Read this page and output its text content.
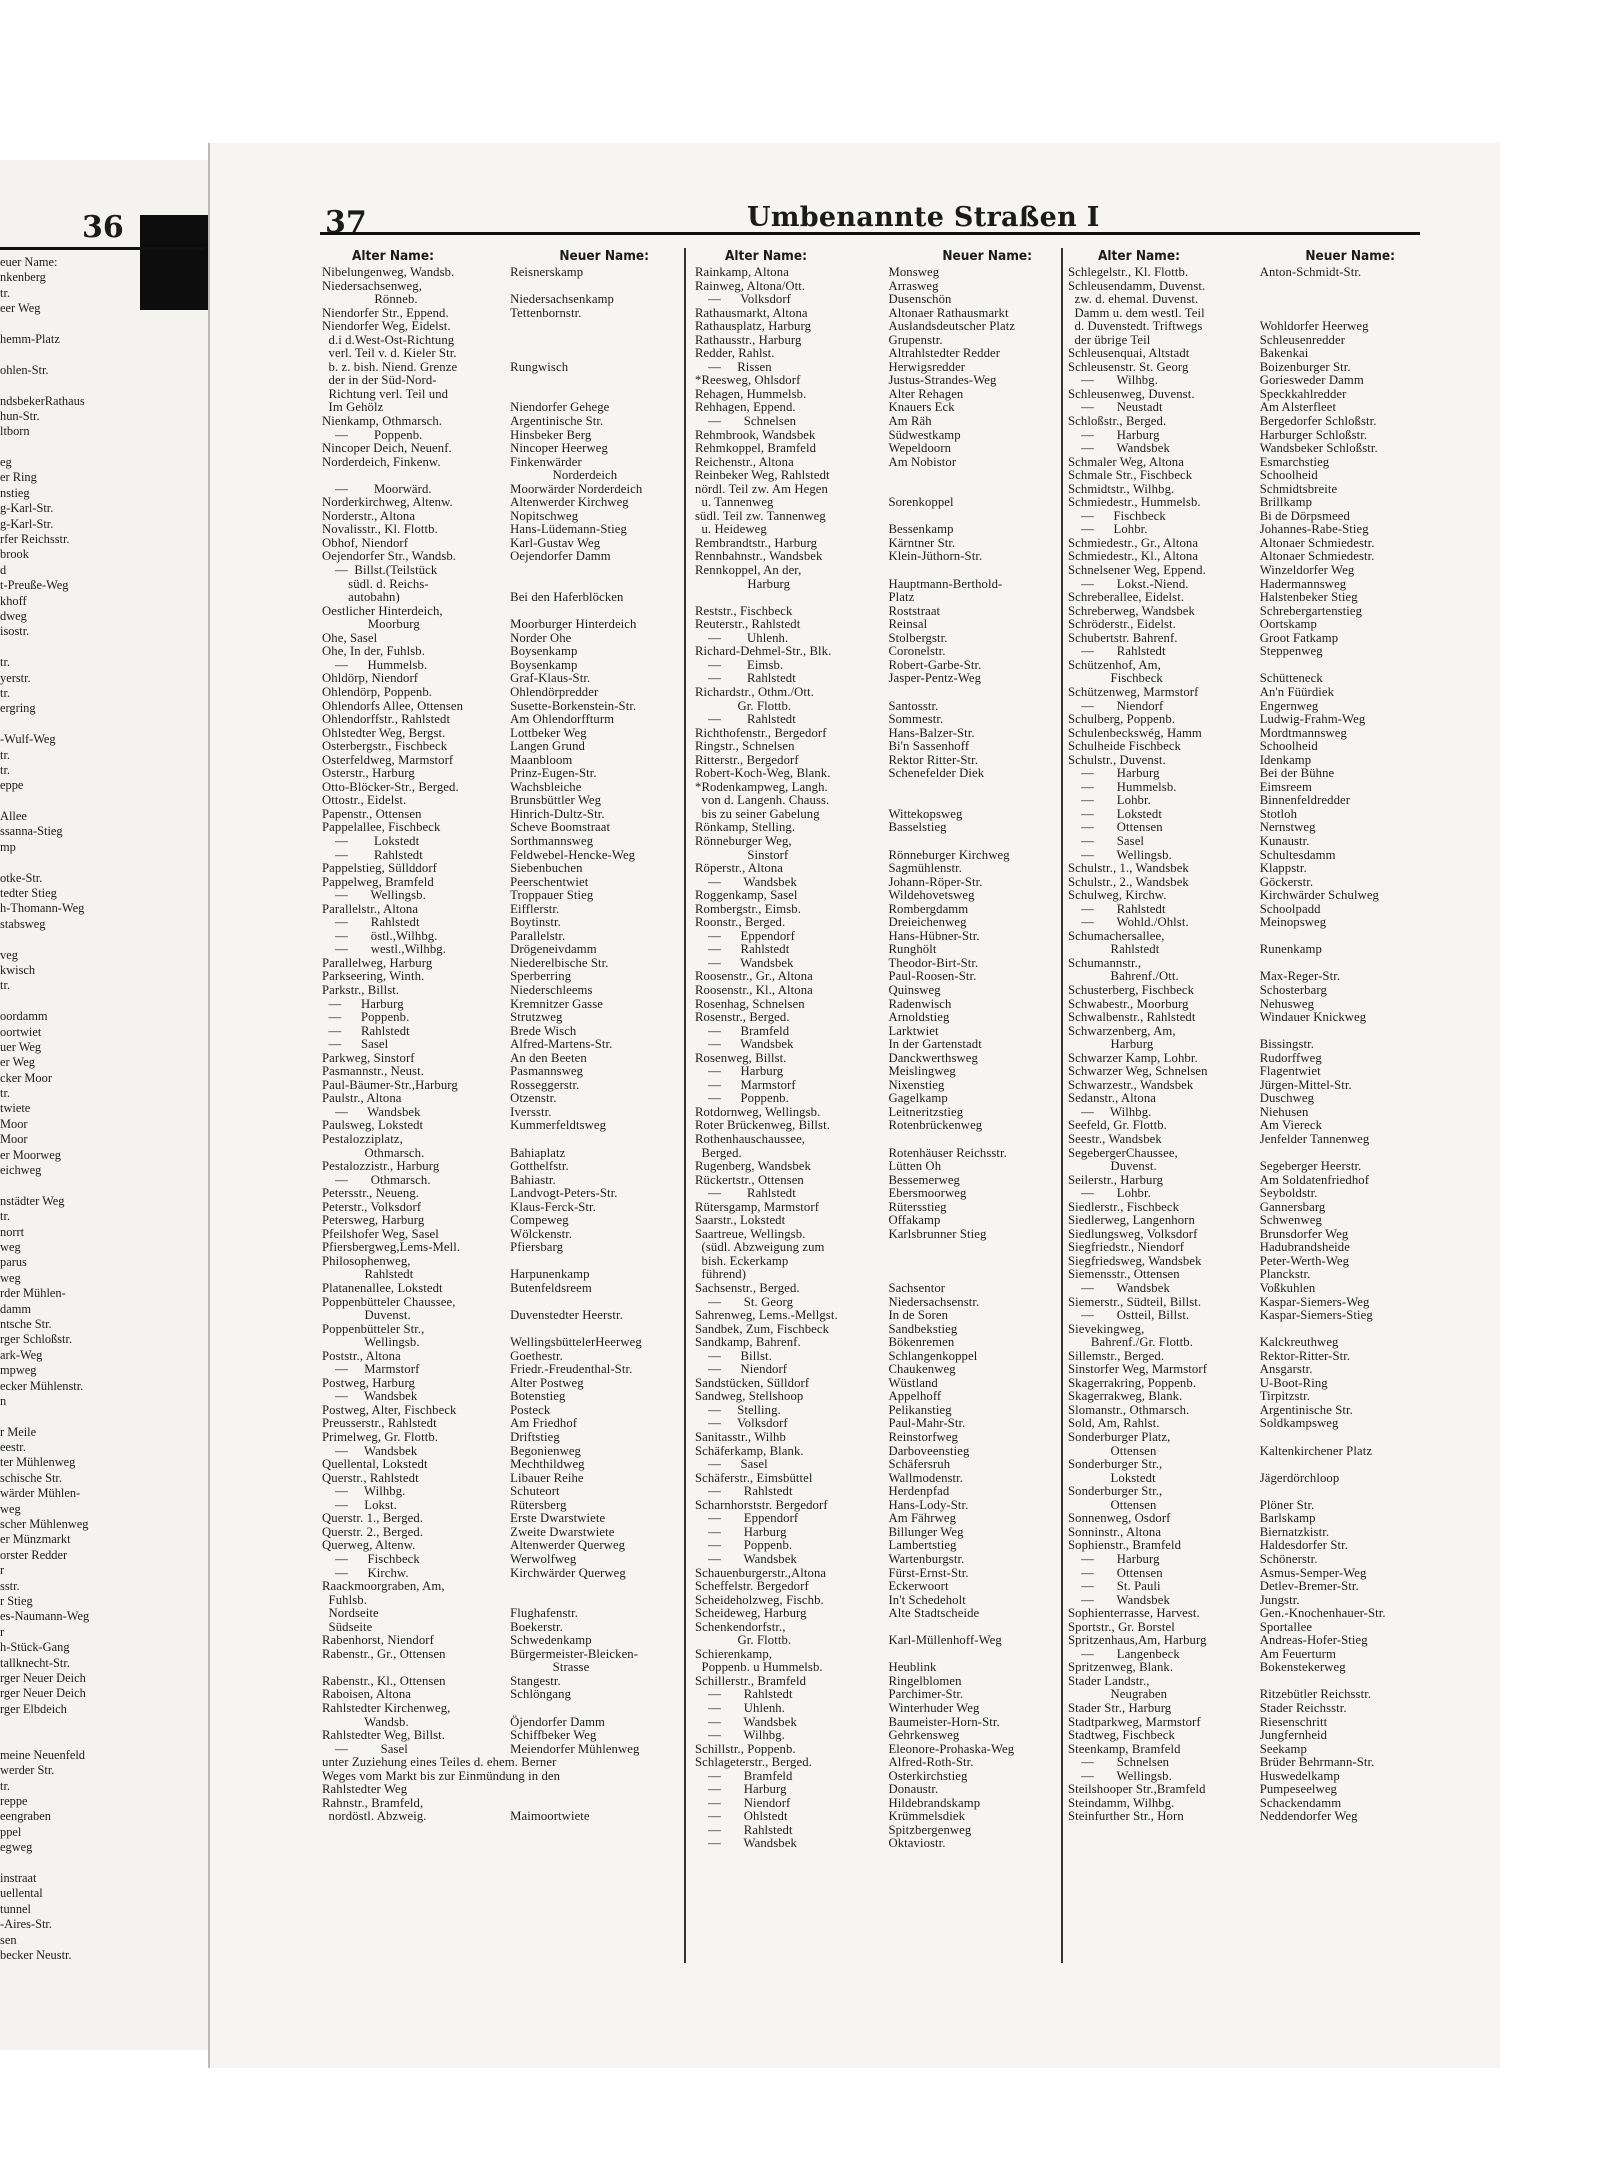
36
euer Name:
nkenberg
tr.
eer Weg
hemm-Platz
ohlen-Str.
ndsbekerRathaus
hun-Str.
ltborn
eg
er Ring
nstieg
g-Karl-Str.
g-Karl-Str.
rfer Reichsstr.
brook
d
t-Preuße-Weg
khoff
dweg
isostr.
tr.
yerstr.
tr.
ergring
-Wulf-Weg
tr.
tr.
eppe
Allee
ssanna-Stieg
mp
otke-Str.
tedter Stieg
h-Thomann-Weg
stabsweg
veg
kwisch
tr.
oordamm
oortwiet
uer Weg
er Weg
cker Moor
tr.
twiete
Moor
Moor
er Moorweg
eichweg
nstädter Weg
tr.
norrt
weg
parus
weg
rder Mühlen-
damm
ntsche Str.
rger Schloßstr.
ark-Weg
mpweg
ecker Mühlenstr.
n
r Meile
eestr.
ter Mühlenweg
schische Str.
wärder Mühlen-
weg
scher Mühlenweg
er Münzmarkt
orster Redder
r
sstr.
r Stieg
es-Naumann-Weg
r
h-Stück-Gang
tallknecht-Str.
rger Neuer Deich
rger Neuer Deich
rger Elbdeich
meine Neuenfeld
werder Str.
tr.
reppe
eengraben
ppel
egweg
instraat
uellental
tunnel
-Aires-Str.
sen
becker Neustr.
37	Umbenannte Straßen I
Alter Name:	Neuer Name:
Nibelungenweg, Wandsb.	Reisnerskamp
Niedersachsenweg,
Rönneb.	Niedersachsenkamp
Niendorfer Str., Eppend.	Tettenbornstr.
Niendorfer Weg, Eidelst.
d.i d.West-Ost-Richtung
verl. Teil v. d. Kieler Str.
b. z. bish. Niend. Grenze	Rungwisch
der in der Süd-Nord-
Richtung verl. Teil und
Im Gehölz	Niendorfer Gehege
Nienkamp, Othmarsch.	Argentinische Str.
—        Poppenb.	Hinsbeker Berg
Nincoper Deich, Neuenf.	Nincoper Heerweg
Norderdeich, Finkenw.	Finkenwärder
Norderdeich
—        Moorwärd.	Moorwärder Norderdeich
Norderkirchweg, Altenw.	Altenwerder Kirchweg
Norderstr., Altona	Nopitschweg
Novalisstr., Kl. Flottb.	Hans-Lüdemann-Stieg
Obhof, Niendorf	Karl-Gustav Weg
Oejendorfer Str., Wandsb.	Oejendorfer Damm
—  Billst.(Teilstück
südl. d. Reichs-
autobahn)	Bei den Haferblöcken
Oestlicher Hinterdeich,
Moorburg	Moorburger Hinterdeich
Ohe, Sasel	Norder Ohe
Ohe, In der, Fuhlsb.	Boysenkamp
—      Hummelsb.	Boysenkamp
Ohldörp, Niendorf	Graf-Klaus-Str.
Ohlendörp, Poppenb.	Ohlendörpredder
Ohlendorfs Allee, Ottensen	Susette-Borkenstein-Str.
Ohlendorffstr., Rahlstedt	Am Ohlendorffturm
Ohlstedter Weg, Bergst.	Lottbeker Weg
Osterbergstr., Fischbeck	Langen Grund
Osterfeldweg, Marmstorf	Maanbloom
Osterstr., Harburg	Prinz-Eugen-Str.
Otto-Blöcker-Str., Berged.	Wachsbleiche
Ottostr., Eidelst.	Brunsbüttler Weg
Papenstr., Ottensen	Hinrich-Dultz-Str.
Pappelallee, Fischbeck	Scheve Boomstraat
—        Lokstedt	Sorthmannsweg
—        Rahlstedt	Feldwebel-Hencke-Weg
Pappelstieg, Süllddorf	Siebenbuchen
Pappelweg, Bramfeld	Peerschentwiet
—       Wellingsb.	Troppauer Stieg
Parallelstr., Altona	Eifflerstr.
—       Rahlstedt	Boytinstr.
—       östl.,Wilhbg.	Parallelstr.
—       westl.,Wilhbg.	Drögeneivdamm
Parallelweg, Harburg	Niederelbische Str.
Parkseering, Winth.	Sperberring
Parkstr., Billst.	Niederschleems
—      Harburg	Kremnitzer Gasse
—      Poppenb.	Strutzweg
—      Rahlstedt	Brede Wisch
—      Sasel	Alfred-Martens-Str.
Parkweg, Sinstorf	An den Beeten
Pasmannstr., Neust.	Pasmannsweg
Paul-Bäumer-Str.,Harburg	Rosseggerstr.
Paulstr., Altona	Otzenstr.
—      Wandsbek	Iversstr.
Paulsweg, Lokstedt	Kummerfeldtsweg
Pestalozziplatz,
Othmarsch.	Bahiaplatz
Pestalozzistr., Harburg	Gotthelfstr.
—       Othmarsch.	Bahiastr.
Petersstr., Neueng.	Landvogt-Peters-Str.
Peterstr., Volksdorf	Klaus-Ferck-Str.
Petersweg, Harburg	Compeweg
Pfeilshofer Weg, Sasel	Wölckenstr.
Pfiersbergweg,Lems-Mell.	Pfiersbarg
Philosophenweg,
Rahlstedt	Harpunenkamp
Platanenallee, Lokstedt	Butenfeldsreem
Poppenbütteler Chaussee,
Duvenst.	Duvenstedter Heerstr.
Poppenbütteler Str.,
Wellingsb.	WellingsbüttelerHeerweg
Poststr., Altona	Goethestr.
—     Marmstorf	Friedr.-Freudenthal-Str.
Postweg, Harburg	Alter Postweg
—     Wandsbek	Botenstieg
Postweg, Alter, Fischbeck	Posteck
Preusserstr., Rahlstedt	Am Friedhof
Primelweg, Gr. Flottb.	Driftstieg
—     Wandsbek	Begonienweg
Quellental, Lokstedt	Mechthildweg
Querstr., Rahlstedt	Libauer Reihe
—     Wilhbg.	Schuteort
—     Lokst.	Rütersberg
Querstr. 1., Berged.	Erste Dwarstwiete
Querstr. 2., Berged.	Zweite Dwarstwiete
Querweg, Altenw.	Altenwerder Querweg
—      Fischbeck	Werwolfweg
—      Kirchw.	Kirchwärder Querweg
Raackmoorgraben, Am,
Fuhlsb.
Nordseite	Flughafenstr.
Südseite	Boekerstr.
Rabenhorst, Niendorf	Schwedenkamp
Rabenstr., Gr., Ottensen	Bürgermeister-Bleicken-
Strasse
Rabenstr., Kl., Ottensen	Stangestr.
Raboisen, Altona	Schlöngang
Rahlstedter Kirchenweg,
Wandsb.	Öjendorfer Damm
Rahlstedter Weg, Billst.	Schiffbeker Weg
—          Sasel	Meiendorfer Mühlenweg
unter Zuziehung eines Teiles d. ehem. Berner
Weges vom Markt bis zur Einmündung in den
Rahlstedter Weg
Rahnstr., Bramfeld,
nordöstl. Abzweig.	Maimoortwiete
Alter Name:	Neuer Name:
Rainkamp, Altona	Monsweg
Rainweg, Altona/Ott.	Arrasweg
—      Volksdorf	Dusenschön
Rathausmarkt, Altona	Altonaer Rathausmarkt
Rathausplatz, Harburg	Auslandsdeutscher Platz
Rathausstr., Harburg	Grupenstr.
Redder, Rahlst.	Altrahlstedter Redder
—     Rissen	Herwigsredder
*Reesweg, Ohlsdorf	Justus-Strandes-Weg
Rehagen, Hummelsb.	Alter Rehagen
Rehhagen, Eppend.	Knauers Eck
—       Schnelsen	Am Räh
Rehmbrook, Wandsbek	Südwestkamp
Rehmkoppel, Bramfeld	Wepeldoorn
Reichenstr., Altona	Am Nobistor
Reinbeker Weg, Rahlstedt
nördl. Teil zw. Am Hegen
u. Tannenweg	Sorenkoppel
südl. Teil zw. Tannenweg
u. Heideweg	Bessenkamp
Rembrandtstr., Harburg	Kärntner Str.
Rennbahnstr., Wandsbek	Klein-Jüthorn-Str.
Rennkoppel, An der,
Harburg	Hauptmann-Berthold-
Platz
Reststr., Fischbeck	Roststraat
Reuterstr., Rahlstedt	Reinsal
—        Uhlenh.	Stolbergstr.
Richard-Dehmel-Str., Blk.	Coronelstr.
—        Eimsb.	Robert-Garbe-Str.
—        Rahlstedt	Jasper-Pentz-Weg
Richardstr., Othm./Ott.
Gr. Flottb.	Santosstr.
—        Rahlstedt	Sommestr.
Richthofenstr., Bergedorf	Hans-Balzer-Str.
Ringstr., Schnelsen	Bi'n Sassenhoff
Ritterstr., Bergedorf	Rektor Ritter-Str.
Robert-Koch-Weg, Blank.	Schenefelder Diek
*Rodenkampweg, Langh.
von d. Langenh. Chauss.
bis zu seiner Gabelung	Wittekopsweg
Rönkamp, Stelling.	Basselstieg
Rönneburger Weg,
Sinstorf	Rönneburger Kirchweg
Röperstr., Altona	Sagmühlenstr.
—       Wandsbek	Johann-Röper-Str.
Roggenkamp, Sasel	Wildehovetsweg
Rombergstr., Eimsb.	Rombergdamm
Roonstr., Berged.	Dreieichenweg
—      Eppendorf	Hans-Hübner-Str.
—      Rahlstedt	Runghölt
—      Wandsbek	Theodor-Birt-Str.
Roosenstr., Gr., Altona	Paul-Roosen-Str.
Roosenstr., Kl., Altona	Quinsweg
Rosenhag, Schnelsen	Radenwisch
Rosenstr., Berged.	Arnoldstieg
—      Bramfeld	Larktwiet
—      Wandsbek	In der Gartenstadt
Rosenweg, Billst.	Danckwerthsweg
—      Harburg	Meislingweg
—      Marmstorf	Nixenstieg
—      Poppenb.	Gagelkamp
Rotdornweg, Wellingsb.	Leitneritzstieg
Roter Brückenweg, Billst.	Rotenbrückenweg
Rothenhauschaussee,
Berged.	Rotenhäuser Reichsstr.
Rugenberg, Wandsbek	Lütten Oh
Rückertstr., Ottensen	Bessemerweg
—        Rahlstedt	Ebersmoorweg
Rütersgamp, Marmstorf	Rütersstieg
Saarstr., Lokstedt	Offakamp
Saartreue, Wellingsb.	Karlsbrunner Stieg
(südl. Abzweigung zum
bish. Eckerkamp
führend)
Sachsenstr., Berged.	Sachsentor
—       St. Georg	Niedersachsenstr.
Sahrenweg, Lems.-Mellgst.	In de Soren
Sandbek, Zum, Fischbeck	Sandbekstieg
Sandkamp, Bahrenf.	Bökenremen
—      Billst.	Schlangenkoppel
—      Niendorf	Chaukenweg
Sandstücken, Sülldorf	Wüstland
Sandweg, Stellshoop	Appelhoff
—     Stelling.	Pelikanstieg
—     Volksdorf	Paul-Mahr-Str.
Sanitasstr., Wilhb	Reinstorfweg
Schäferkamp, Blank.	Darboveenstieg
—      Sasel	Schäfersruh
Schäferstr., Eimsbüttel	Wallmodenstr.
—       Rahlstedt	Herdenpfad
Scharnhorststr. Bergedorf	Hans-Lody-Str.
—       Eppendorf	Am Fährweg
—       Harburg	Billunger Weg
—       Poppenb.	Lambertstieg
—       Wandsbek	Wartenburgstr.
Schauenburgerstr.,Altona	Fürst-Ernst-Str.
Scheffelstr. Bergedorf	Eckerwoort
Scheideholzweg, Fischb.	In't Schedeholt
Scheideweg, Harburg	Alte Stadtscheide
Schenkendorfstr.,
Gr. Flottb.	Karl-Müllenhoff-Weg
Schierenkamp,
Poppenb. u Hummelsb.	Heublink
Schillerstr., Bramfeld	Ringelblomen
—       Rahlstedt	Parchimer-Str.
—       Uhlenh.	Winterhuder Weg
—       Wandsbek	Baumeister-Horn-Str.
—       Wilhbg.	Gehrkensweg
Schillstr., Poppenb.	Eleonore-Prohaska-Weg
Schlageterstr., Berged.	Alfred-Roth-Str.
—       Bramfeld	Osterkirchstieg
—       Harburg	Donaustr.
—       Niendorf	Hildebrandskamp
—       Ohlstedt	Krümmelsdiek
—       Rahlstedt	Spitzbergenweg
—       Wandsbek	Oktaviostr.
Alter Name:	Neuer Name:
Schlegelstr., Kl. Flottb.	Anton-Schmidt-Str.
Schleusendamm, Duvenst.
zw. d. ehemal. Duvenst.
Damm u. dem westl. Teil
d. Duvenstedt. Triftwegs	Wohldorfer Heerweg
der übrige Teil	Schleusenredder
Schleusenquai, Altstadt	Bakenkai
Schleusenstr. St. Georg	Boizenburger Str.
—       Wilhbg.	Goriesweder Damm
Schleusenweg, Duvenst.	Speckkahlredder
—       Neustadt	Am Alsterfleet
Schloßstr., Berged.	Bergedorfer Schloßstr.
—       Harburg	Harburger Schloßstr.
—       Wandsbek	Wandsbeker Schloßstr.
Schmaler Weg, Altona	Esmarchstieg
Schmale Str., Fischbeck	Schoolheid
Schmidtstr., Wilhbg.	Schmidtsbreite
Schmiedestr., Hummelsb.	Brillkamp
—      Fischbeck	Bi de Dörpsmeed
—      Lohbr.	Johannes-Rabe-Stieg
Schmiedestr., Gr., Altona	Altonaer Schmiedestr.
Schmiedestr., Kl., Altona	Altonaer Schmiedestr.
Schnelsener Weg, Eppend.	Winzeldorfer Weg
—       Lokst.-Niend.	Hadermannsweg
Schreberallee, Eidelst.	Halstenbeker Stieg
Schreberweg, Wandsbek	Schrebergartenstieg
Schröderstr., Eidelst.	Oortskamp
Schubertstr. Bahrenf.	Groot Fatkamp
—       Rahlstedt	Steppenweg
Schützenhof, Am,
Fischbeck	Schütteneck
Schützenweg, Marmstorf	An'n Füürdiek
—       Niendorf	Engernweg
Schulberg, Poppenb.	Ludwig-Frahm-Weg
Schulenbeckswég, Hamm	Mordtmannsweg
Schulheide Fischbeck	Schoolheid
Schulstr., Duvenst.	Idenkamp
—       Harburg	Bei der Bühne
—       Hummelsb.	Eimsreem
—       Lohbr.	Binnenfeldredder
—       Lokstedt	Stotloh
—       Ottensen	Nernstweg
—       Sasel	Kunaustr.
—       Wellingsb.	Schultesdamm
Schulstr., 1., Wandsbek	Klappstr.
Schulstr., 2., Wandsbek	Göckerstr.
Schulweg, Kirchw.	Kirchwärder Schulweg
—       Rahlstedt	Schoolpadd
—       Wohld./Ohlst.	Meinopsweg
Schumachersallee,
Rahlstedt	Runenkamp
Schumannstr.,
Bahrenf./Ott.	Max-Reger-Str.
Schusterberg, Fischbeck	Schosterbarg
Schwabestr., Moorburg	Nehusweg
Schwalbenstr., Rahlstedt	Windauer Knickweg
Schwarzenberg, Am,
Harburg	Bissingstr.
Schwarzer Kamp, Lohbr.	Rudorffweg
Schwarzer Weg, Schnelsen	Flagentwiet
Schwarzestr., Wandsbek	Jürgen-Mittel-Str.
Sedanstr., Altona	Duschweg
—     Wilhbg.	Niehusen
Seefeld, Gr. Flottb.	Am Viereck
Seestr., Wandsbek	Jenfelder Tannenweg
SegebergerChaussee,
Duvenst.	Segeberger Heerstr.
Seilerstr., Harburg	Am Soldatenfriedhof
—       Lohbr.	Seyboldstr.
Siedlerstr., Fischbeck	Gannersbarg
Siedlerweg, Langenhorn	Schwenweg
Siedlungsweg, Volksdorf	Brunsdorfer Weg
Siegfriedstr., Niendorf	Hadubrandsheide
Siegfriedsweg, Wandsbek	Peter-Werth-Weg
Siemensstr., Ottensen	Planckstr.
—       Wandsbek	Voßkuhlen
Siemerstr., Südteil, Billst.	Kaspar-Siemers-Weg
—       Ostteil, Billst.	Kaspar-Siemers-Stieg
Sievekingweg,
Bahrenf./Gr. Flottb.	Kalckreuthweg
Sillemstr., Berged.	Rektor-Ritter-Str.
Sinstorfer Weg, Marmstorf	Ansgarstr.
Skagerrakring, Poppenb.	U-Boot-Ring
Skagerrakweg, Blank.	Tirpitzstr.
Slomanstr., Othmarsch.	Argentinische Str.
Sold, Am, Rahlst.	Soldkampsweg
Sonderburger Platz,
Ottensen	Kaltenkirchener Platz
Sonderburger Str.,
Lokstedt	Jägerdörchloop
Sonderburger Str.,
Ottensen	Plöner Str.
Sonnenweg, Osdorf	Barlskamp
Sonninstr., Altona	Biernatzkistr.
Sophienstr., Bramfeld	Haldesdorfer Str.
—       Harburg	Schönerstr.
—       Ottensen	Asmus-Semper-Weg
—       St. Pauli	Detlev-Bremer-Str.
—       Wandsbek	Jungstr.
Sophienterrasse, Harvest.	Gen.-Knochenhauer-Str.
Sportstr., Gr. Borstel	Sportallee
Spritzenhaus,Am, Harburg	Andreas-Hofer-Stieg
—       Langenbeck	Am Feuerturm
Spritzenweg, Blank.	Bokenstekerweg
Stader Landstr.,
Neugraben	Ritzebütler Reichsstr.
Stader Str., Harburg	Stader Reichsstr.
Stadtparkweg, Marmstorf	Riesenschritt
Stadtweg, Fischbeck	Jungfernheid
Steenkamp, Bramfeld	Seekamp
—       Schnelsen	Brüder Behrmann-Str.
—       Wellingsb.	Huswedelkamp
Steilshooper Str.,Bramfeld	Pumpeseelweg
Steindamm, Wilhbg.	Schackendamm
Steinfurther Str., Horn	Neddendorfer Weg
